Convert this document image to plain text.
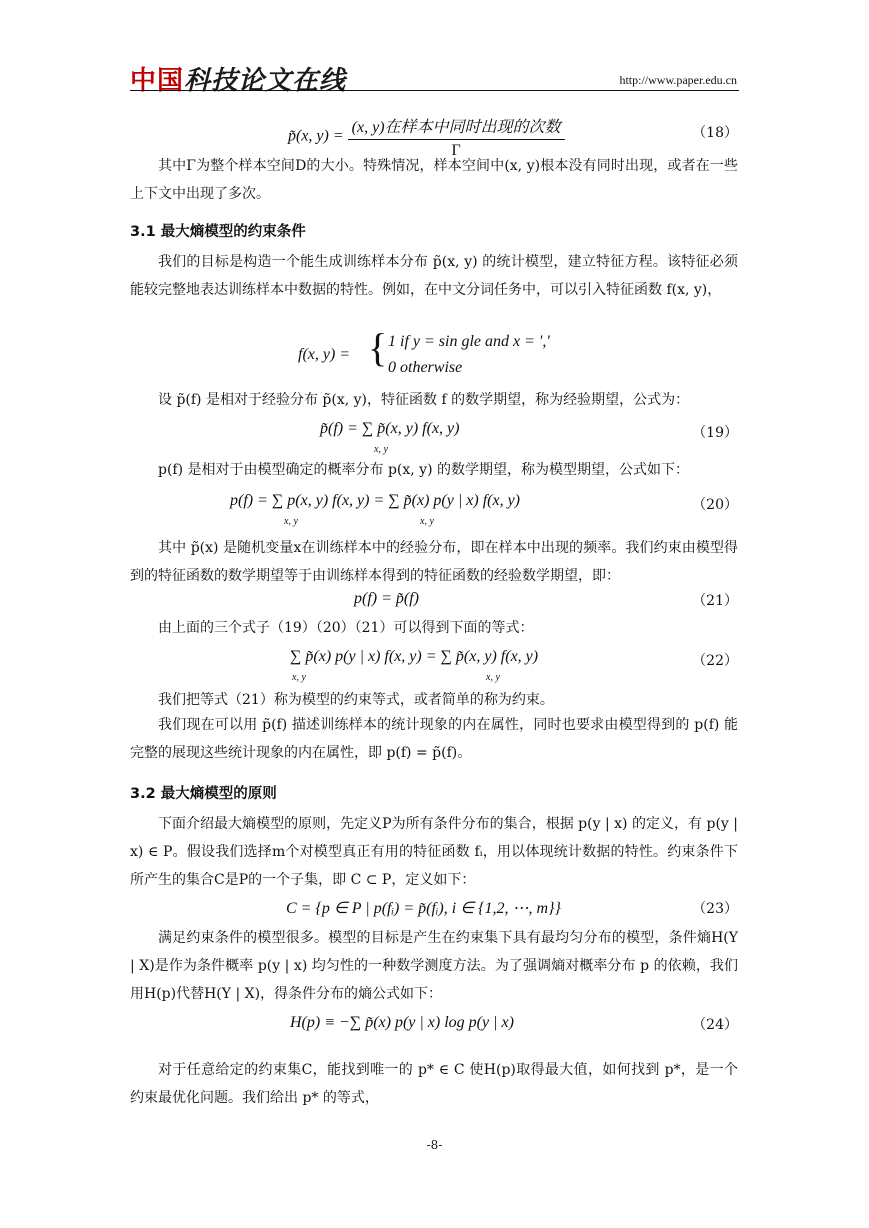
中国科技论文在线	http://www.paper.edu.cn
p̃(x, $y) = \frac{\text{(x, y)在样本中同时出现的次数}}{\Gamma}$	（18）
其中Γ为整个样本空间D的大小。特殊情况，样本空间中(x, y)根本没有同时出现，或者在一些上下文中出现了多次。
3.1 最大熵模型的约束条件
我们的目标是构造一个能生成训练样本分布 p̃(x, y) 的统计模型，建立特征方程。该特征必须能较完整地表达训练样本中数据的特性。例如，在中文分词任务中，可以引入特征函数 f(x, y)，
f(x, y) = { 1 if y = sin gle and x = ','
0 otherwise
设 p̃(f) 是相对于经验分布 p̃(x, y)，特征函数 f 的数学期望，称为经验期望，公式为：
p̃(f) = ∑ p̃(x, y) f(x, y)
x, y
（19）
p(f) 是相对于由模型确定的概率分布 p(x, y) 的数学期望，称为模型期望，公式如下：
p(f) = ∑ p(x, y) f(x, y) = ∑ p̃(x) p(y | x) f(x, y)
x, y	x, y
（20）
其中 p̃(x) 是随机变量x在训练样本中的经验分布，即在样本中出现的频率。我们约束由模型得到的特征函数的数学期望等于由训练样本得到的特征函数的经验数学期望，即：
p(f) = p̃(f)	（21）
由上面的三个式子（19）（20）（21）可以得到下面的等式：
∑ p̃(x) p(y | x) f(x, y) = ∑ p̃(x, y) f(x, y)
x, y	x, y
（22）
我们把等式（21）称为模型的约束等式，或者简单的称为约束。
我们现在可以用 p̃(f) 描述训练样本的统计现象的内在属性，同时也要求由模型得到的 p(f) 能完整的展现这些统计现象的内在属性，即 p(f) = p̃(f)。
3.2 最大熵模型的原则
下面介绍最大熵模型的原则，先定义P为所有条件分布的集合，根据 p(y | x) 的定义，有 p(y | x) ∈ P。假设我们选择m个对模型真正有用的特征函数 fᵢ，用以体现统计数据的特性。约束条件下所产生的集合C是P的一个子集，即 C ⊂ P，定义如下：
C = {p ∈ P | p(fᵢ) = p̃(fᵢ), i ∈ {1,2, ⋯, m}}	（23）
满足约束条件的模型很多。模型的目标是产生在约束集下具有最均匀分布的模型，条件熵H(Y | X)是作为条件概率 p(y | x) 均匀性的一种数学测度方法。为了强调熵对概率分布 p 的依赖，我们用H(p)代替H(Y | X)，得条件分布的熵公式如下：
H(p) ≡ −∑ p̃(x) p(y | x) log p(y | x)	（24）
对于任意给定的约束集C，能找到唯一的 p* ∈ C 使H(p)取得最大值，如何找到 p*，是一个约束最优化问题。我们给出 p* 的等式，
-8-
